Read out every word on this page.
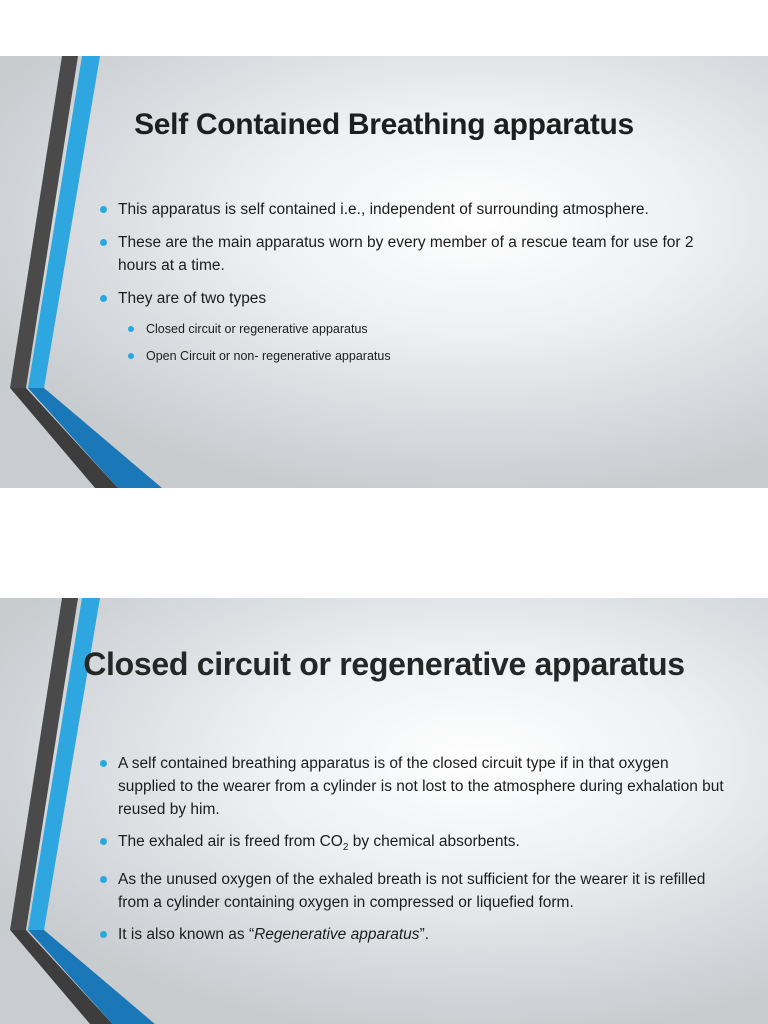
Self Contained Breathing apparatus
This apparatus is self contained i.e., independent of surrounding atmosphere.
These are the main apparatus worn by every member of a rescue team for use for 2 hours at a time.
They are of two types
Closed circuit or regenerative apparatus
Open Circuit or non- regenerative apparatus
Closed circuit or regenerative apparatus
A self contained breathing apparatus is of the closed circuit type if in that oxygen supplied to the wearer from a cylinder is not lost to the atmosphere during exhalation but reused by him.
The exhaled air is freed from $CO_2$ by chemical absorbents.
As the unused oxygen of the exhaled breath is not sufficient for the wearer it is refilled from a cylinder containing oxygen in compressed or liquefied form.
It is also known as “Regenerative apparatus”.
